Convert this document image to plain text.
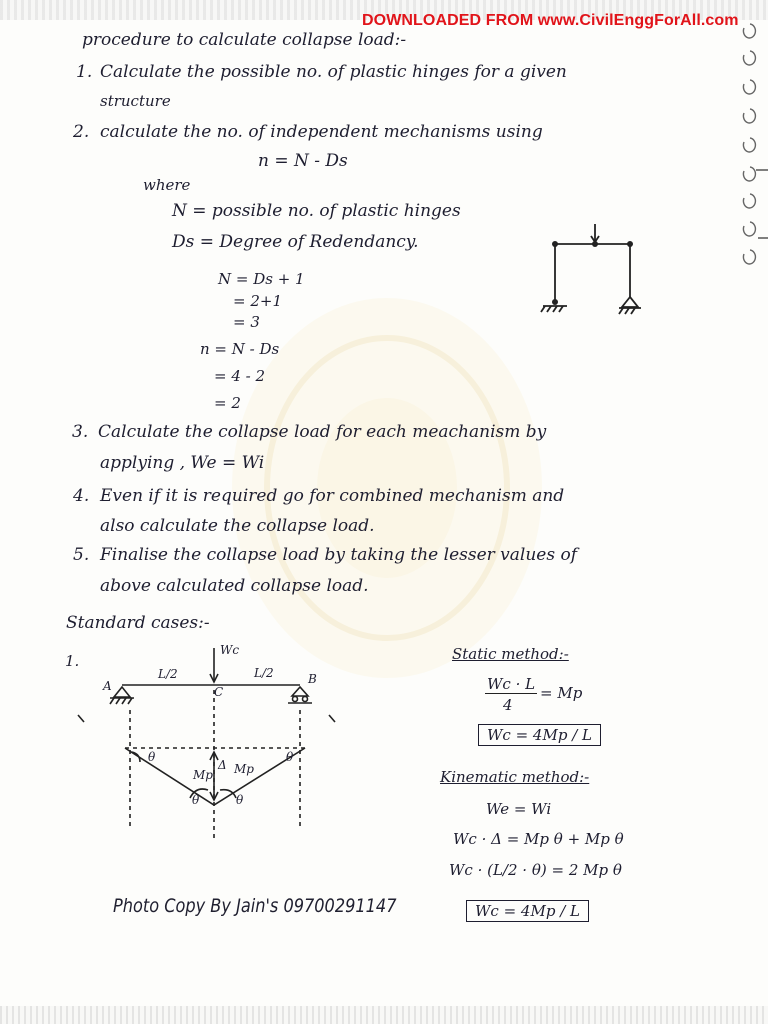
DOWNLOADED FROM www.CivilEnggForAll.com
procedure to calculate collapse load:-
1. Calculate the possible no. of plastic hinges for a given
structure
2. calculate the no. of independent mechanisms using
n = N - Ds
where
N = possible no. of plastic hinges
Ds = Degree of Redendancy.
N = Ds + 1
= 2+1
= 3
n = N - Ds
= 4 - 2
= 2
3. Calculate the collapse load for each meachanism by
applying , We = Wi
4. Even if it is required go for combined mechanism and
also calculate the collapse load.
5. Finalise the collapse load by taking the lesser values of
above calculated collapse load.
Standard cases:-
1.
Wc
L/2	L/2
A	B
C
θ	θ
Δ
Mp Mp
θ	θ
Static method:-
Wc · L
4
= Mp
Wc = 4Mp / L
Kinematic method:-
We = Wi
Wc · Δ = Mp θ + Mp θ
Wc · (L/2 · θ) = 2 Mp θ
Wc = 4Mp / L
Photo Copy By Jain's 09700291147
